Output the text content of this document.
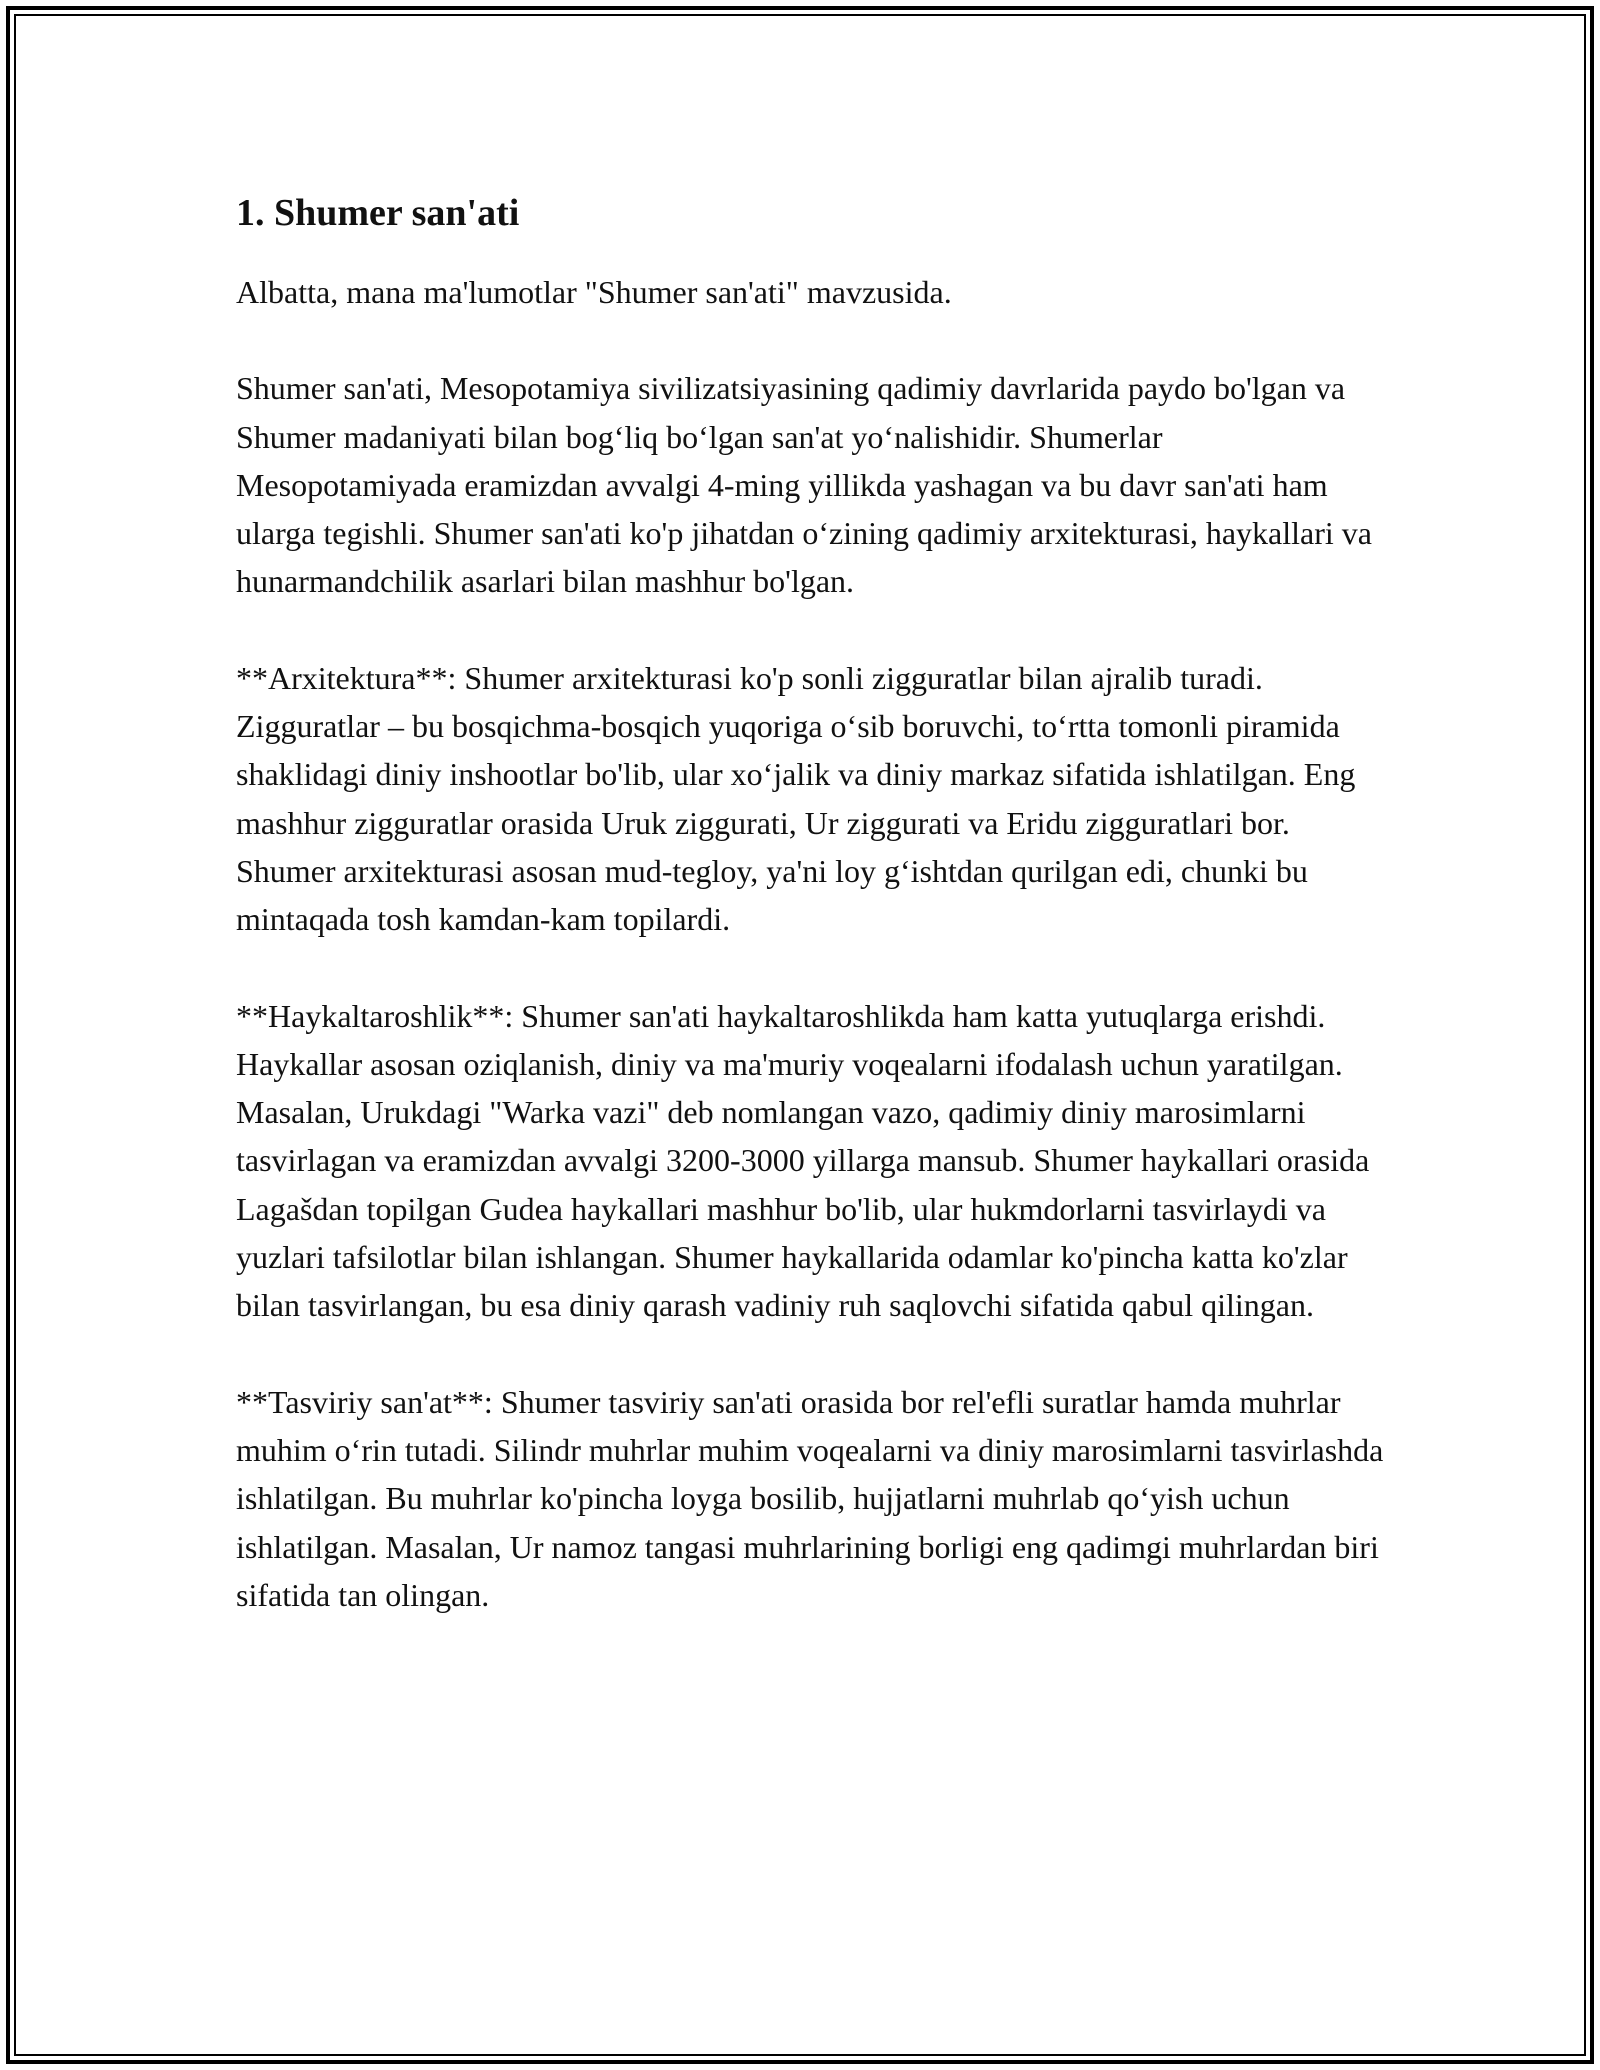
1. Shumer san'ati

Albatta, mana ma'lumotlar "Shumer san'ati" mavzusida.

Shumer san'ati, Mesopotamiya sivilizatsiyasining qadimiy davrlarida paydo bo'lgan va Shumer madaniyati bilan bog‘liq bo‘lgan san'at yo‘nalishidir. Shumerlar Mesopotamiyada eramizdan avvalgi 4-ming yillikda yashagan va bu davr san'ati ham ularga tegishli. Shumer san'ati ko'p jihatdan o‘zining qadimiy arxitekturasi, haykallari va hunarmandchilik asarlari bilan mashhur bo'lgan.

**Arxitektura**: Shumer arxitekturasi ko'p sonli zigguratlar bilan ajralib turadi. Zigguratlar – bu bosqichma-bosqich yuqoriga o‘sib boruvchi, to‘rtta tomonli piramida shaklidagi diniy inshootlar bo'lib, ular xo‘jalik va diniy markaz sifatida ishlatilgan. Eng mashhur zigguratlar orasida Uruk ziggurati, Ur ziggurati va Eridu zigguratlari bor. Shumer arxitekturasi asosan mud-tegloy, ya'ni loy g‘ishtdan qurilgan edi, chunki bu mintaqada tosh kamdan-kam topilardi.

**Haykaltaroshlik**: Shumer san'ati haykaltaroshlikda ham katta yutuqlarga erishdi. Haykallar asosan oziqlanish, diniy va ma'muriy voqealarni ifodalash uchun yaratilgan. Masalan, Urukdagi "Warka vazi" deb nomlangan vazo, qadimiy diniy marosimlarni tasvirlagan va eramizdan avvalgi 3200-3000 yillarga mansub. Shumer haykallari orasida Lagašdan topilgan Gudea haykallari mashhur bo'lib, ular hukmdorlarni tasvirlaydi va yuzlari tafsilotlar bilan ishlangan. Shumer haykallarida odamlar ko'pincha katta ko'zlar bilan tasvirlangan, bu esa diniy qarash vadiniy ruh saqlovchi sifatida qabul qilingan.

**Tasviriy san'at**: Shumer tasviriy san'ati orasida bor rel'efli suratlar hamda muhrlar muhim o‘rin tutadi. Silindr muhrlar muhim voqealarni va diniy marosimlarni tasvirlashda ishlatilgan. Bu muhrlar ko'pincha loyga bosilib, hujjatlarni muhrlab qo‘yish uchun ishlatilgan. Masalan, Ur namoz tangasi muhrlarining borligi eng qadimgi muhrlardan biri sifatida tan olingan.
